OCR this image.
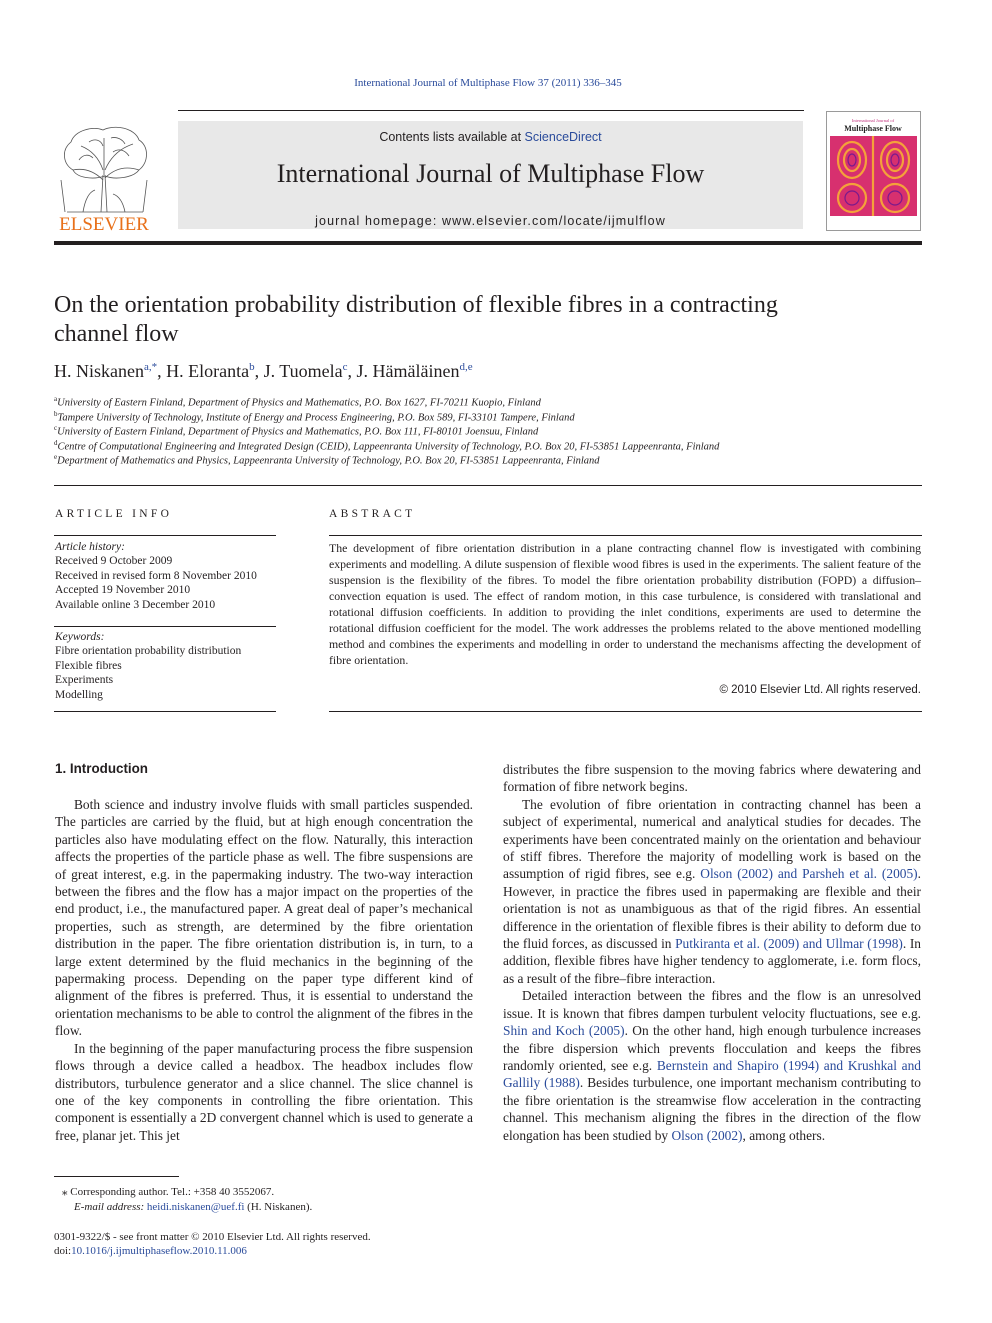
International Journal of Multiphase Flow 37 (2011) 336–345
ELSEVIER
Contents lists available at ScienceDirect
International Journal of Multiphase Flow
journal homepage: www.elsevier.com/locate/ijmulflow
International Journal of
Multiphase Flow
On the orientation probability distribution of flexible fibres in a contracting
channel flow
H. Niskanen$^{a,*}$, H. Eloranta$^b$, J. Tuomela$^c$, J. Hämäläinen$^{d,e}$
$^a$University of Eastern Finland, Department of Physics and Mathematics, P.O. Box 1627, FI-70211 Kuopio, Finland
$^b$Tampere University of Technology, Institute of Energy and Process Engineering, P.O. Box 589, FI-33101 Tampere, Finland
$^c$University of Eastern Finland, Department of Physics and Mathematics, P.O. Box 111, FI-80101 Joensuu, Finland
$^d$Centre of Computational Engineering and Integrated Design (CEID), Lappeenranta University of Technology, P.O. Box 20, FI-53851 Lappeenranta, Finland
$^e$Department of Mathematics and Physics, Lappeenranta University of Technology, P.O. Box 20, FI-53851 Lappeenranta, Finland
ARTICLE INFO	ABSTRACT
Article history:
Received 9 October 2009
Received in revised form 8 November 2010
Accepted 19 November 2010
Available online 3 December 2010
Keywords:
Fibre orientation probability distribution
Flexible fibres
Experiments
Modelling
The development of fibre orientation distribution in a plane contracting channel flow is investigated with combining experiments and modelling. A dilute suspension of flexible wood fibres is used in the experiments. The salient feature of the suspension is the flexibility of the fibres. To model the fibre orientation probability distribution (FOPD) a diffusion–convection equation is used. The effect of random motion, in this case turbulence, is considered with translational and rotational diffusion coefficients. In addition to providing the inlet conditions, experiments are used to determine the rotational diffusion coefficient for the model. The work addresses the problems related to the above mentioned modelling method and combines the experiments and modelling in order to understand the mechanisms affecting the development of fibre orientation.
© 2010 Elsevier Ltd. All rights reserved.
1. Introduction

Both science and industry involve fluids with small particles suspended. The particles are carried by the fluid, but at high enough concentration the particles also have modulating effect on the flow. Naturally, this interaction affects the properties of the particle phase as well. The fibre suspensions are of great interest, e.g. in the papermaking industry. The two-way interaction between the fibres and the flow has a major impact on the properties of the end product, i.e., the manufactured paper. A great deal of paper’s mechanical properties, such as strength, are determined by the fibre orientation distribution in the paper. The fibre orientation distribution is, in turn, to a large extent determined by the fluid mechanics in the beginning of the papermaking process. Depending on the paper type different kind of alignment of the fibres is preferred. Thus, it is essential to understand the orientation mechanisms to be able to control the alignment of the fibres in the flow.

In the beginning of the paper manufacturing process the fibre suspension flows through a device called a headbox. The headbox includes flow distributors, turbulence generator and a slice channel. The slice channel is one of the key components in controlling the fibre orientation. This component is essentially a 2D convergent channel which is used to generate a free, planar jet. This jet

distributes the fibre suspension to the moving fabrics where dewatering and formation of fibre network begins.

The evolution of fibre orientation in contracting channel has been a subject of experimental, numerical and analytical studies for decades. The experiments have been concentrated mainly on the orientation and behaviour of stiff fibres. Therefore the majority of modelling work is based on the assumption of rigid fibres, see e.g. Olson (2002) and Parsheh et al. (2005). However, in practice the fibres used in papermaking are flexible and their orientation is not as unambiguous as that of the rigid fibres. An essential difference in the orientation of flexible fibres is their ability to deform due to the fluid forces, as discussed in Putkiranta et al. (2009) and Ullmar (1998). In addition, flexible fibres have higher tendency to agglomerate, i.e. form flocs, as a result of the fibre–fibre interaction.

Detailed interaction between the fibres and the flow is an unresolved issue. It is known that fibres dampen turbulent velocity fluctuations, see e.g. Shin and Koch (2005). On the other hand, high enough turbulence increases the fibre dispersion which prevents flocculation and keeps the fibres randomly oriented, see e.g. Bernstein and Shapiro (1994) and Krushkal and Gallily (1988). Besides turbulence, one important mechanism contributing to the fibre orientation is the streamwise flow acceleration in the contracting channel. This mechanism aligning the fibres in the direction of the flow elongation has been studied by Olson (2002), among others.

⁎ Corresponding author. Tel.: +358 40 3552067.
E-mail address: heidi.niskanen@uef.fi (H. Niskanen).
0301-9322/$ - see front matter © 2010 Elsevier Ltd. All rights reserved.
doi:10.1016/j.ijmultiphaseflow.2010.11.006
